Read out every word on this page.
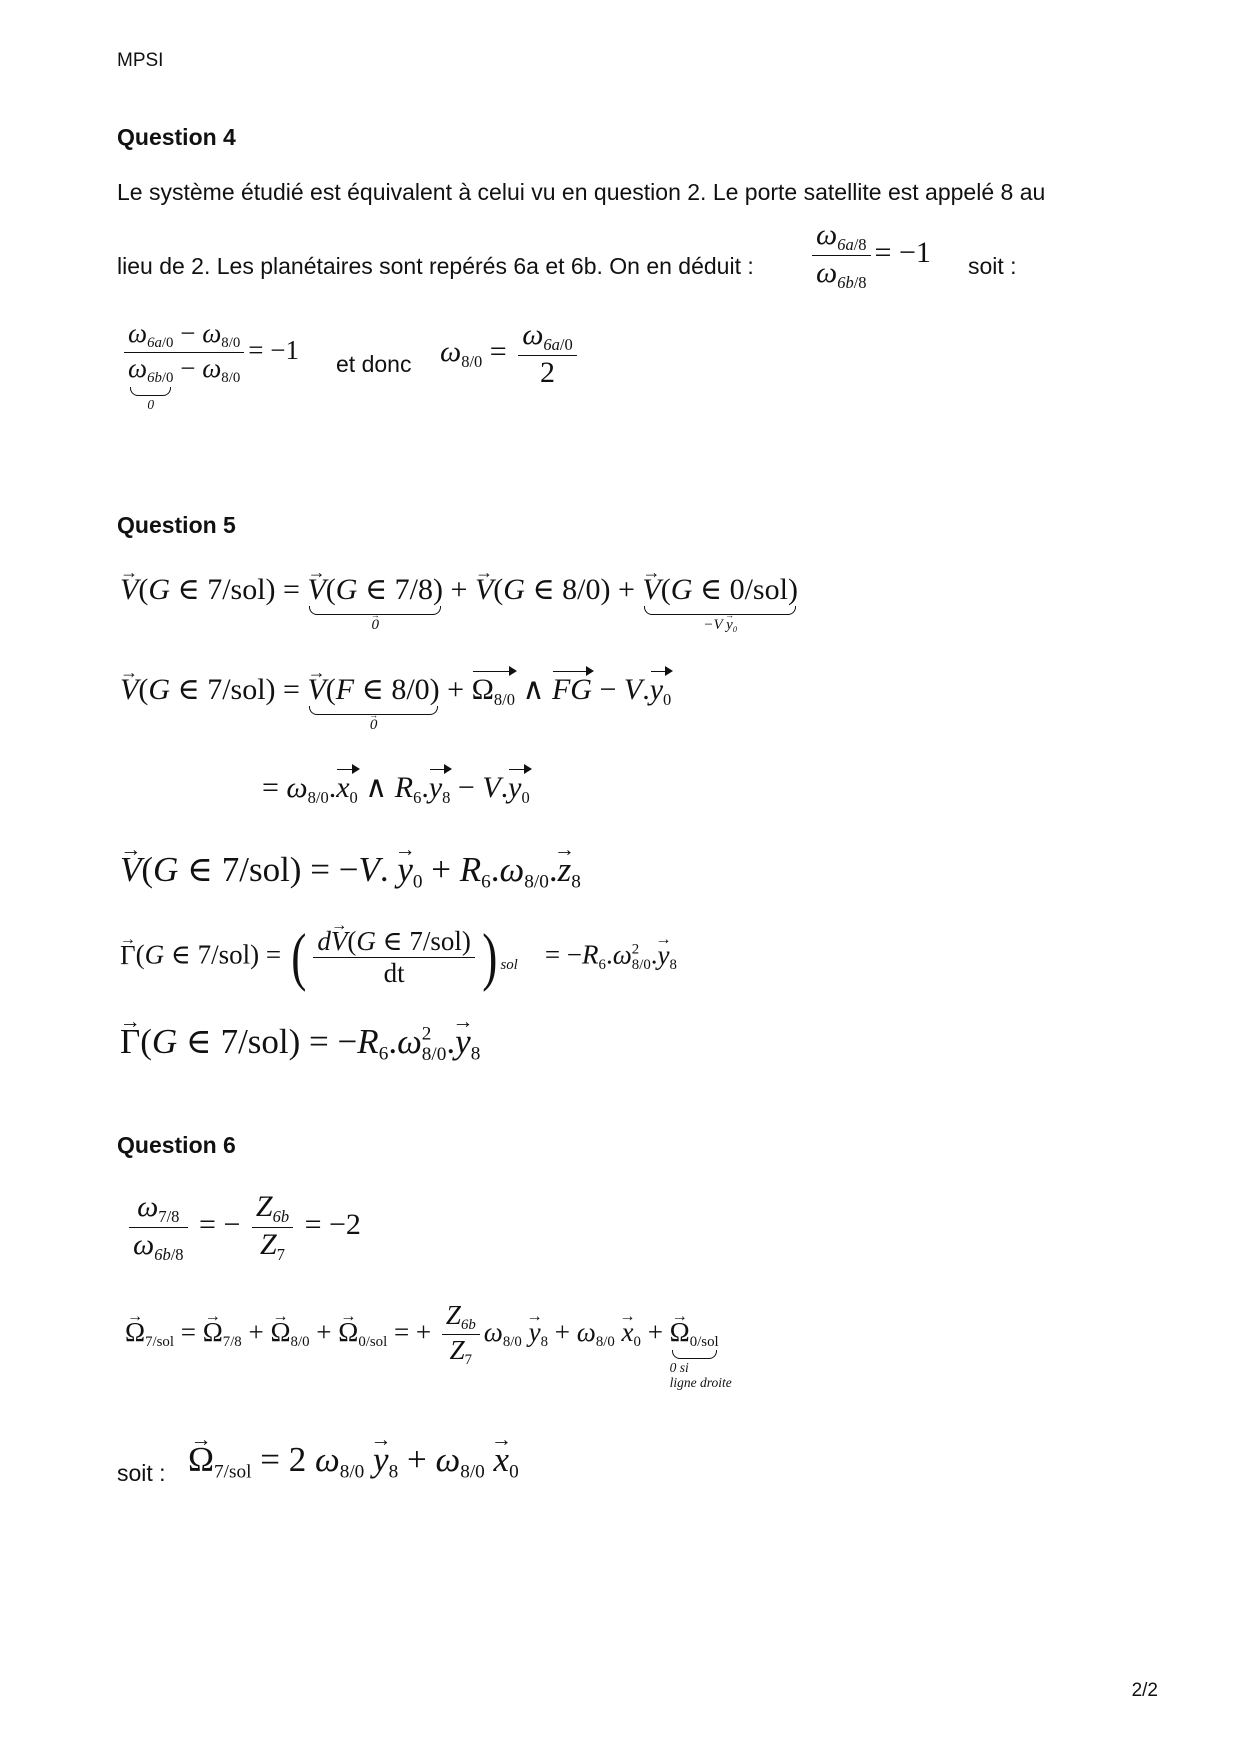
MPSI
Question 4
Le système étudié est équivalent à celui vu en question 2. Le porte satellite est appelé 8 au
lieu de 2. Les planétaires sont repérés 6a et 6b. On en déduit : $\frac{\omega_{6a/8}}{\omega_{6b/8}} = -1$ soit :
$\omega_{6a/0} - \omega_{8/0}$
$\omega_{6b/0}$
0
− $\omega_{8/0} = -1$ et donc $\omega_{8/0} = \frac{\omega_{6a/0}}{2}$
Question 5
→ V(G ∈ 7/sol) = → V(G ∈ 7/8)
→ 0
+ → V(G ∈ 8/0) + → V(G ∈ 0/sol)
$-V \to y_0$
→ V(G ∈ 7/sol) = → V(F ∈ 8/0)
→ 0
+ $\Omega_{8/0}$ ∧ FG − $V.y_0$
= $\omega_{8/0}.x_0$ ∧ $R_6.y_8 - V.y_0$
→ V(G ∈ 7/sol) = −V. → $y_0 + R_6.\omega_{8/0}.\to z_8$
→ Γ(G ∈ 7/sol) = ( $\frac{\text{d→ V(G ∈ 7/sol)}}{dt}$ ) $_{sol}$    = $-R_6.\omega^2_{8/0}.\to y_8$
→ Γ(G ∈ $7/sol) = -R_6.\omega^2_{8/0}.\to y_8$
Question 6
$\frac{\omega_{7/8}}{\omega_{6b/8}}$ = − $\frac{Z_{6b}}{Z_7} = -2$
→ $\Omega_{7/sol}$ = → $\Omega_{7/8}$ + → $\Omega_{8/0}$ + → $\Omega_{0/sol}$ = + $\frac{Z_{6b}}{Z_7} \omega_{8/0} \to y_8 + \omega_{8/0} \to x_0$ + → $\Omega_{0/sol}$
0 si
ligne droite
soit : → $\Omega_{7/sol} = 2$ $\omega_{8/0} \to y_8 + \omega_{8/0} \to x_0$
2/2
